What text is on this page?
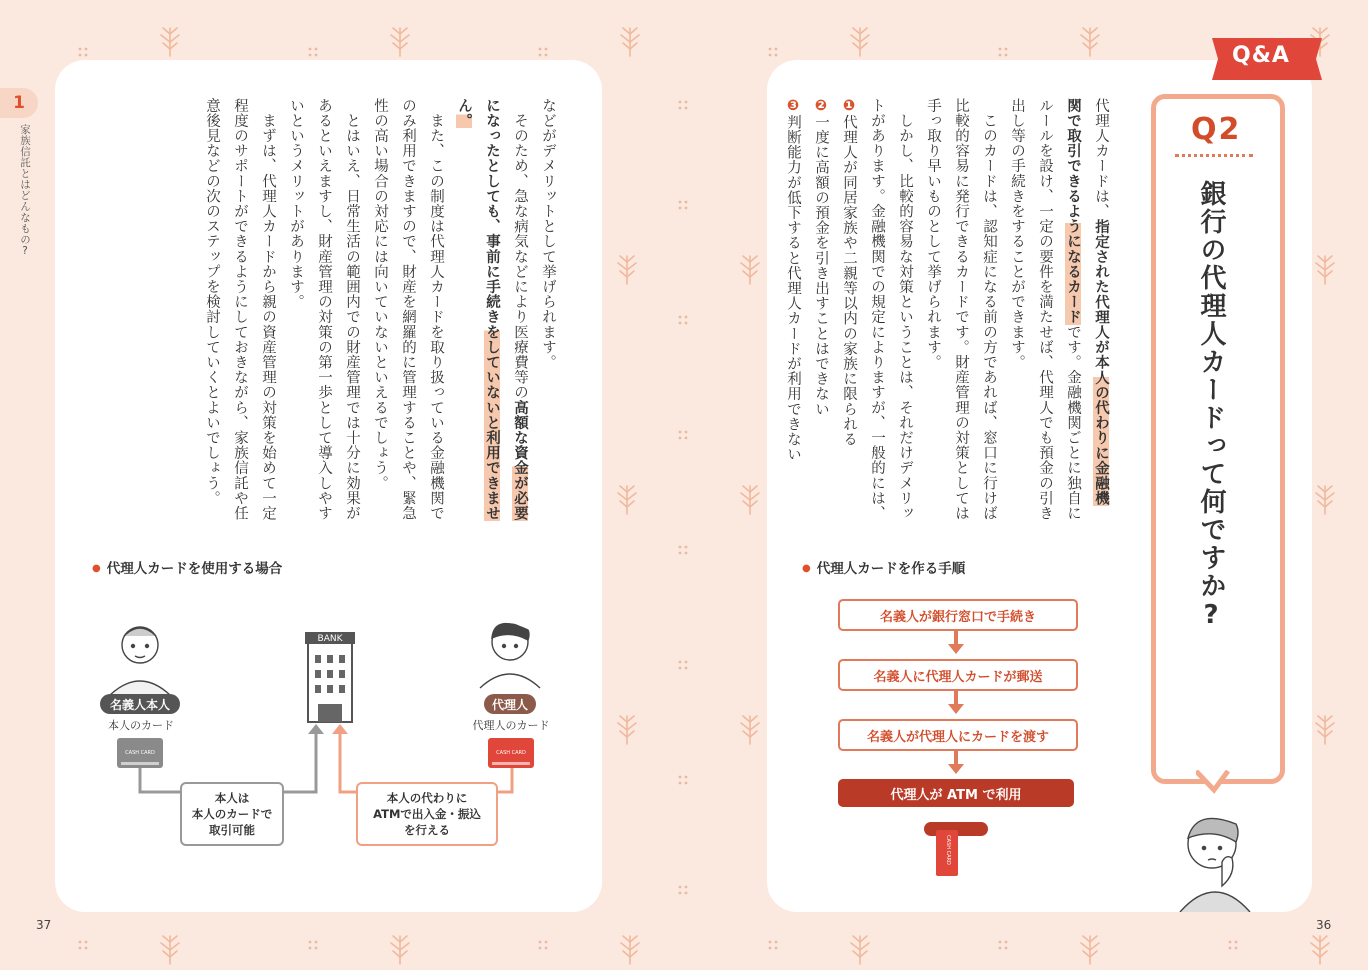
1
家族信託とはどんなもの?	などがデメリットとして挙げられます。
　そのため、急な病気などにより医療費等の高額な資金が必要
になったとしても、事前に手続きをしていないと利用できませ
ん。
　また、この制度は代理人カードを取り扱っている金融機関で
のみ利用できますので、財産を網羅的に管理することや、緊急
性の高い場合の対応には向いていないといえるでしょう。
　とはいえ、日常生活の範囲内での財産管理では十分に効果が
あるといえますし、財産管理の対策の第一歩として導入しやす
いというメリットがあります。
　まずは、代理人カードから親の資産管理の対策を始めて一定
程度のサポートができるようにしておきながら、家族信託や任
意後見などの次のステップを検討していくとよいでしょう。
● 代理人カードを使用する場合
BANK
名義人本人
本人のカード
CASH CARD
代理人
代理人のカード
CASH CARD
本人は
本人のカードで
取引可能
本人の代わりに
ATMで出入金・振込
を行える
37
Q&A
Q2
銀行の代理人カードって何ですか?
代理人カードは、指定された代理人が本人の代わりに金融機
関で取引できるようになるカードです。金融機関ごとに独自に
ルールを設け、一定の要件を満たせば、代理人でも預金の引き
出し等の手続きをすることができます。
　このカードは、認知症になる前の方であれば、窓口に行けば
比較的容易に発行できるカードです。財産管理の対策としては
手っ取り早いものとして挙げられます。
　しかし、比較的容易な対策ということは、それだけデメリッ
トがあります。金融機関での規定によりますが、一般的には、
❶代理人が同居家族や二親等以内の家族に限られる
❷一度に高額の預金を引き出すことはできない
❸判断能力が低下すると代理人カードが利用できない
● 代理人カードを作る手順
名義人が銀行窓口で手続き
名義人に代理人カードが郵送
名義人が代理人にカードを渡す
代理人が ATM で利用
CASH CARD
36
